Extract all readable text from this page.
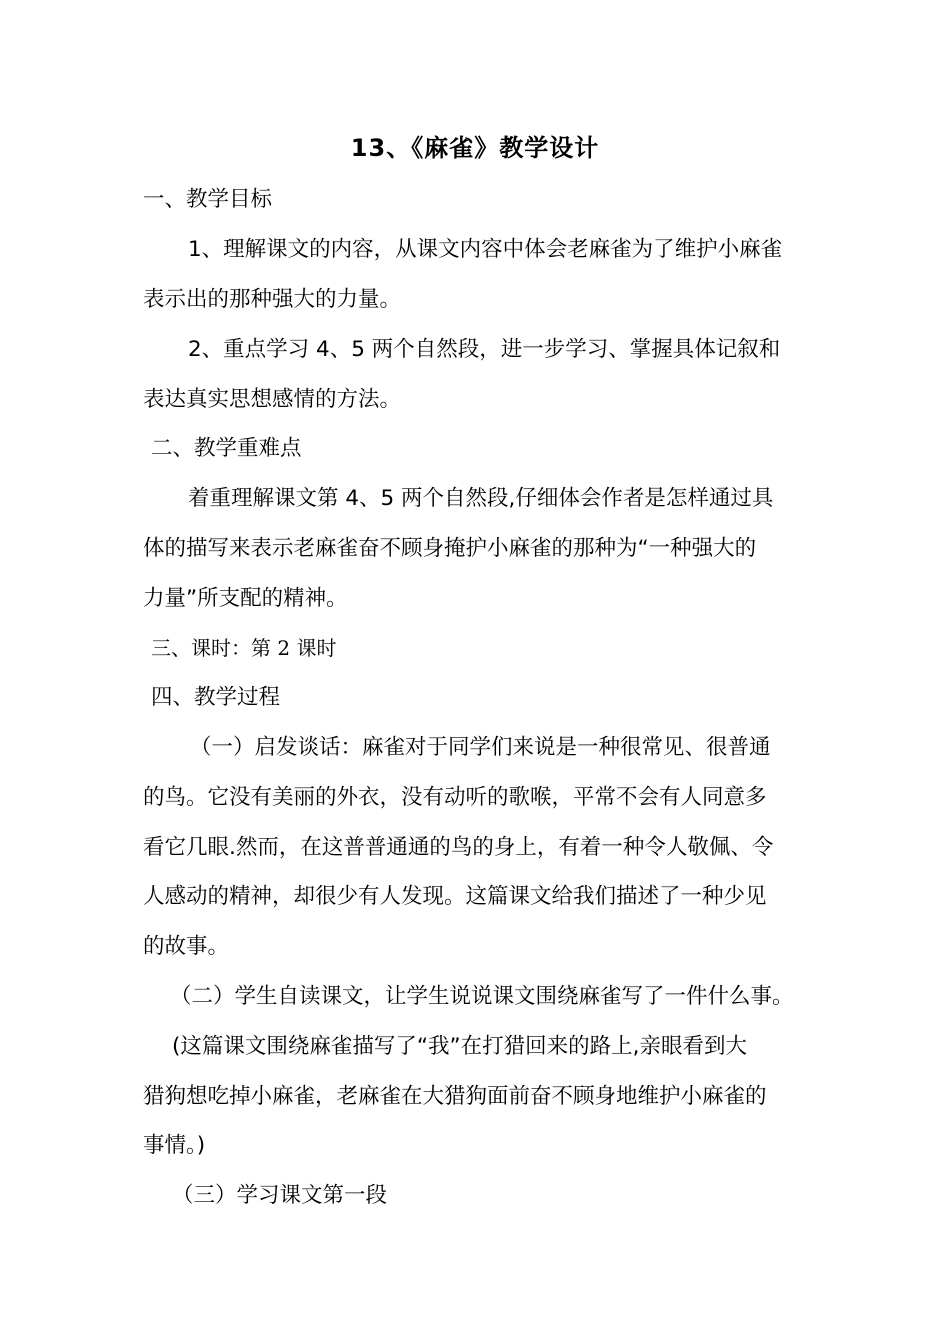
13、《麻雀》教学设计
一、教学目标
1、理解课文的内容，从课文内容中体会老麻雀为了维护小麻雀
表示出的那种强大的力量。
2、重点学习 4、5 两个自然段，进一步学习、掌握具体记叙和
表达真实思想感情的方法。
二、教学重难点
着重理解课文第 4、5 两个自然段,仔细体会作者是怎样通过具
体的描写来表示老麻雀奋不顾身掩护小麻雀的那种为“一种强大的
力量”所支配的精神。
三、课时：第 2 课时
四、教学过程
（一）启发谈话：麻雀对于同学们来说是一种很常见、很普通
的鸟。它没有美丽的外衣，没有动听的歌喉，平常不会有人同意多
看它几眼.然而，在这普普通通的鸟的身上，有着一种令人敬佩、令
人感动的精神，却很少有人发现。这篇课文给我们描述了一种少见
的故事。
（二）学生自读课文，让学生说说课文围绕麻雀写了一件什么事。
(这篇课文围绕麻雀描写了“我”在打猎回来的路上,亲眼看到大
猎狗想吃掉小麻雀，老麻雀在大猎狗面前奋不顾身地维护小麻雀的
事情。)
（三）学习课文第一段
